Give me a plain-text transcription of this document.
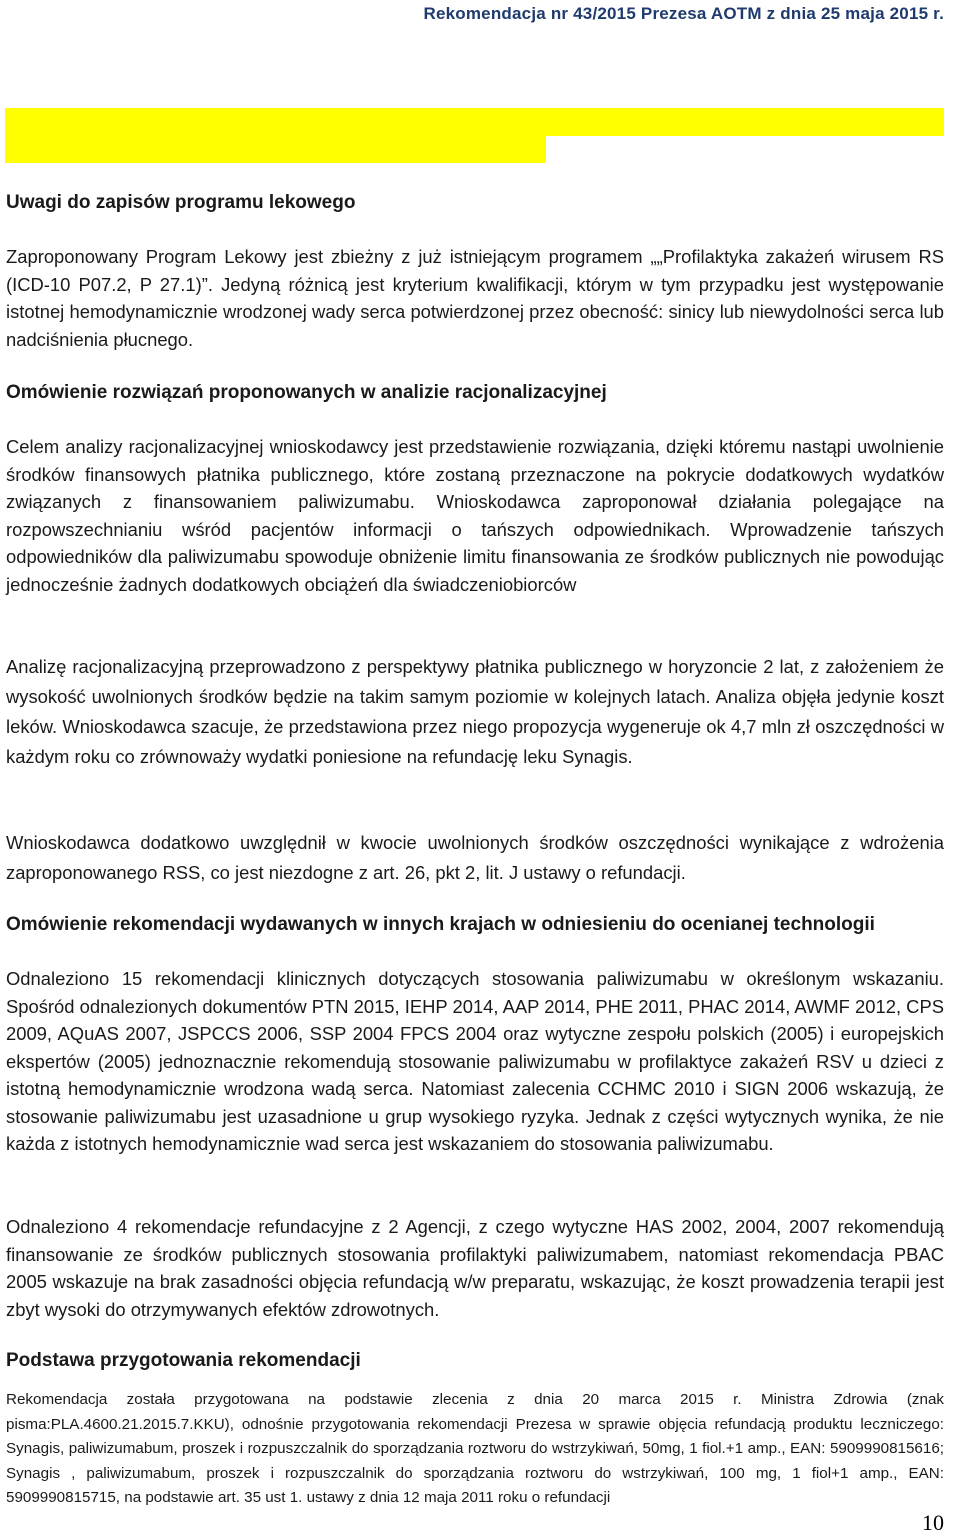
Rekomendacja nr 43/2015 Prezesa AOTM z dnia 25 maja 2015 r.
Uwagi do zapisów programu lekowego
Zaproponowany Program Lekowy jest zbieżny z już istniejącym programem „„Profilaktyka zakażeń wirusem RS (ICD-10 P07.2, P 27.1)”. Jedyną różnicą jest kryterium kwalifikacji, którym w tym przypadku jest występowanie istotnej hemodynamicznie wrodzonej wady serca potwierdzonej przez obecność: sinicy lub niewydolności serca lub nadciśnienia płucnego.
Omówienie rozwiązań proponowanych w analizie racjonalizacyjnej
Celem analizy racjonalizacyjnej wnioskodawcy jest przedstawienie rozwiązania, dzięki któremu nastąpi uwolnienie środków finansowych płatnika publicznego, które zostaną przeznaczone na pokrycie dodatkowych wydatków związanych z finansowaniem paliwizumabu. Wnioskodawca zaproponował działania polegające na rozpowszechnianiu wśród pacjentów informacji o tańszych odpowiednikach. Wprowadzenie tańszych odpowiedników dla paliwizumabu spowoduje obniżenie limitu finansowania ze środków publicznych nie powodując jednocześnie żadnych dodatkowych obciążeń dla świadczeniobiorców
Analizę racjonalizacyjną przeprowadzono z perspektywy płatnika publicznego w horyzoncie 2 lat, z założeniem że wysokość uwolnionych środków będzie na takim samym poziomie w kolejnych latach. Analiza objęła jedynie koszt leków. Wnioskodawca szacuje, że przedstawiona przez niego propozycja wygeneruje ok 4,7 mln zł oszczędności w każdym roku co zrównoważy wydatki poniesione na refundację leku Synagis.
Wnioskodawca dodatkowo uwzględnił w kwocie uwolnionych środków oszczędności wynikające z wdrożenia zaproponowanego RSS, co jest niezdogne z art. 26, pkt 2, lit. J ustawy o refundacji.
Omówienie rekomendacji wydawanych w innych krajach w odniesieniu do ocenianej technologii
Odnaleziono 15 rekomendacji klinicznych dotyczących stosowania paliwizumabu w określonym wskazaniu. Spośród odnalezionych dokumentów PTN 2015, IEHP 2014, AAP 2014, PHE 2011, PHAC 2014, AWMF 2012, CPS 2009, AQuAS 2007, JSPCCS 2006, SSP 2004 FPCS 2004 oraz wytyczne zespołu polskich (2005) i europejskich ekspertów (2005) jednoznacznie rekomendują stosowanie paliwizumabu w profilaktyce zakażeń RSV u dzieci z istotną hemodynamicznie wrodzona wadą serca. Natomiast zalecenia CCHMC 2010 i SIGN 2006 wskazują, że stosowanie paliwizumabu jest uzasadnione u grup wysokiego ryzyka. Jednak z części wytycznych wynika, że nie każda z istotnych hemodynamicznie wad serca jest wskazaniem do stosowania paliwizumabu.
Odnaleziono 4 rekomendacje refundacyjne z 2 Agencji, z czego wytyczne HAS 2002, 2004, 2007 rekomendują finansowanie ze środków publicznych stosowania profilaktyki paliwizumabem, natomiast rekomendacja PBAC 2005 wskazuje na brak zasadności objęcia refundacją w/w preparatu, wskazując, że koszt prowadzenia terapii jest zbyt wysoki do otrzymywanych efektów zdrowotnych.
Podstawa przygotowania rekomendacji
Rekomendacja została przygotowana na podstawie zlecenia z dnia 20 marca 2015 r. Ministra Zdrowia (znak pisma:PLA.4600.21.2015.7.KKU), odnośnie przygotowania rekomendacji Prezesa w sprawie objęcia refundacją produktu leczniczego: Synagis, paliwizumabum, proszek i rozpuszczalnik do sporządzania roztworu do wstrzykiwań, 50mg, 1 fiol.+1 amp., EAN: 5909990815616; Synagis , paliwizumabum, proszek i rozpuszczalnik do sporządzania roztworu do wstrzykiwań, 100 mg, 1 fiol+1 amp., EAN: 5909990815715, na podstawie art. 35 ust 1. ustawy z dnia 12 maja 2011 roku o refundacji
10
